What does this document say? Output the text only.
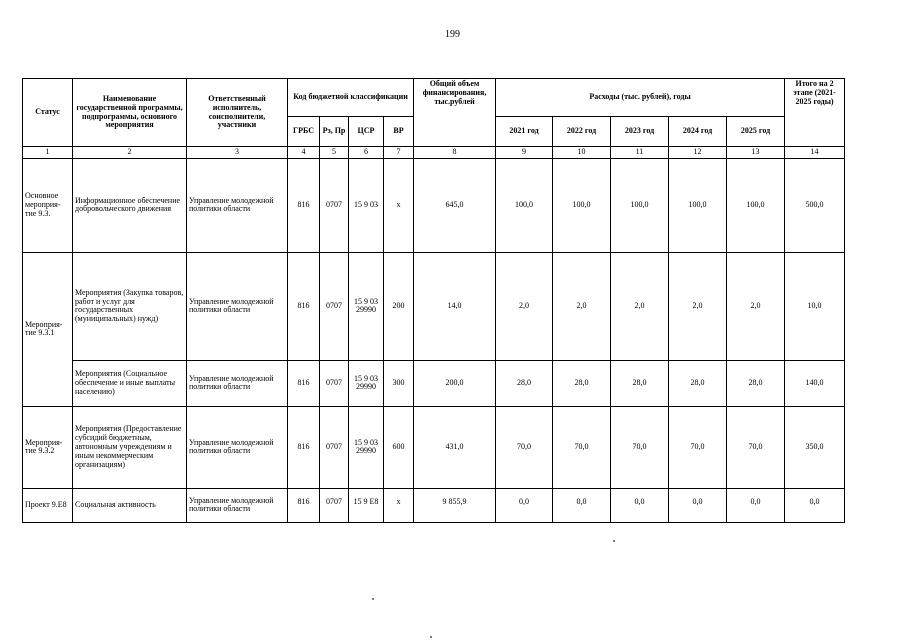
199
Статус	Наименование государственной программы, подпрограммы, основного мероприятия	Ответственный исполнитель, соисполнители, участники	Код бюджетной классификации				Общий объем финансирования, тыс.рублей	Расходы (тыс. рублей), годы					Итого на 2 этапе (2021-2025 годы)
			ГРБС	Рз, Пр	ЦСР	ВР		2021 год	2022 год	2023 год	2024 год	2025 год	
1	2	3	4	5	6	7	8	9	10	11	12	13	14
Основное мероприя-тие 9.3.	Информационное обеспечение добровольческого движения	Управление молодежной политики области	816	0707	15 9 03	х	645,0	100,0	100,0	100,0	100,0	100,0	500,0
Мероприя-тие 9.3.1	Мероприятия (Закупка товаров, работ и услуг для государственных (муниципальных) нужд)	Управление молодежной политики области	816	0707	15 9 03 29990	200	14,0	2,0	2,0	2,0	2,0	2,0	10,0
	Мероприятия (Социальное обеспечение и иные выплаты населению)	Управление молодежной политики области	816	0707	15 9 03 29990	300	200,0	28,0	28,0	28,0	28,0	28,0	140,0
Мероприя-тие 9.3.2	Мероприятия (Предоставление субсидий бюджетным, автономным учреждениям и иным некоммерческим организациям)	Управление молодежной политики области	816	0707	15 9 03 29990	600	431,0	70,0	70,0	70,0	70,0	70,0	350,0
Проект 9.Е8	Социальная активность	Управление молодежной политики области	816	0707	15 9 Е8	х	9 855,9	0,0	0,0	0,0	0,0	0,0	0,0
